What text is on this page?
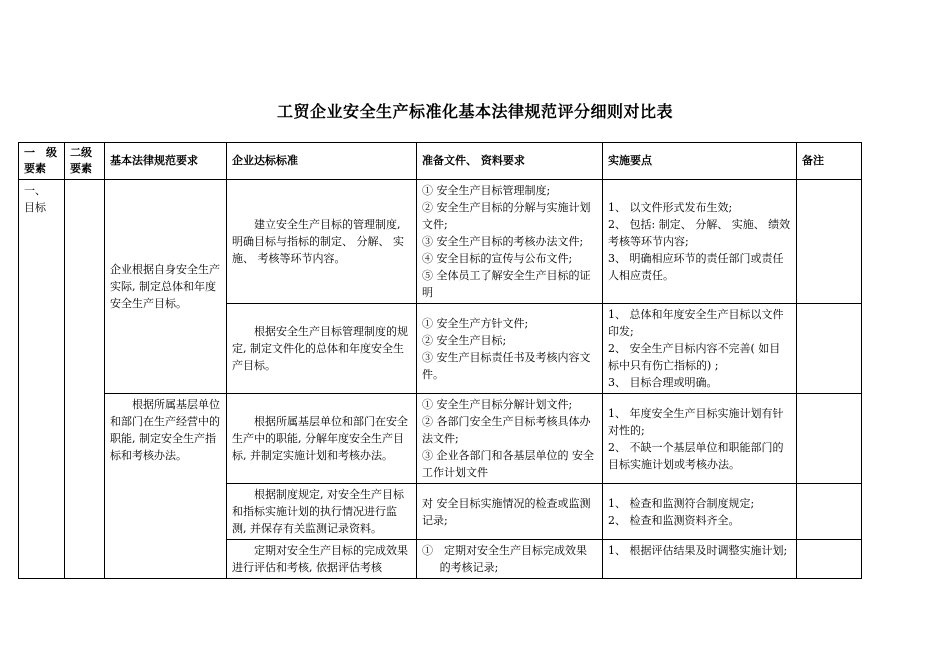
工贸企业安全生产标准化基本法律规范评分细则对比表
一　级要素	二级要素	基本法律规范要求	企业达标标准	准备文件、 资料要求	实施要点	备注
一、 目标		企业根据自身安全生产实际, 制定总体和年度安全生产目标。	建立安全生产目标的管理制度, 明确目标与指标的制定、 分解、 实施、 考核等环节内容。	① 安全生产目标管理制度;
② 安全生产目标的分解与实施计划文件;
③ 安全生产目标的考核办法文件;
④ 安全目标的宣传与公布文件;
⑤ 全体员工了解安全生产目标的证明	1、 以文件形式发布生效;
2、 包括: 制定、 分解、 实施、 绩效考核等环节内容;
3、 明确相应环节的责任部门或责任人相应责任。	

			根据安全生产目标管理制度的规定, 制定文件化的总体和年度安全生产目标。	① 安全生产方针文件;
② 安全生产目标;
③ 安生产目标责任书及考核内容文件。	1、 总体和年度安全生产目标以文件印发;
2、 安全生产目标内容不完善( 如目标中只有伤亡指标的) ;
3、 目标合理或明确。	

		根据所属基层单位和部门在生产经营中的职能, 制定安全生产指标和考核办法。	根据所属基层单位和部门在安全生产中的职能, 分解年度安全生产目标, 并制定实施计划和考核办法。	① 安全生产目标分解计划文件;
② 各部门安全生产目标考核具体办法文件;
③ 企业各部门和各基层单位的 安全工作计划文件	1、 年度安全生产目标实施计划有针对性的;
2、 不缺一个基层单位和职能部门的目标实施计划或考核办法。	

			根据制度规定, 对安全生产目标和指标实施计划的执行情况进行监测, 并保存有关监测记录资料。	对 安全目标实施情况的检查或监测记录;	1、 检查和监测符合制度规定;
2、 检查和监测资料齐全。	

			定期对安全生产目标的完成效果进行评估和考核, 依据评估考核	①　定期对安全生产目标完成效果的考核记录;	1、 根据评估结果及时调整实施计划;	
